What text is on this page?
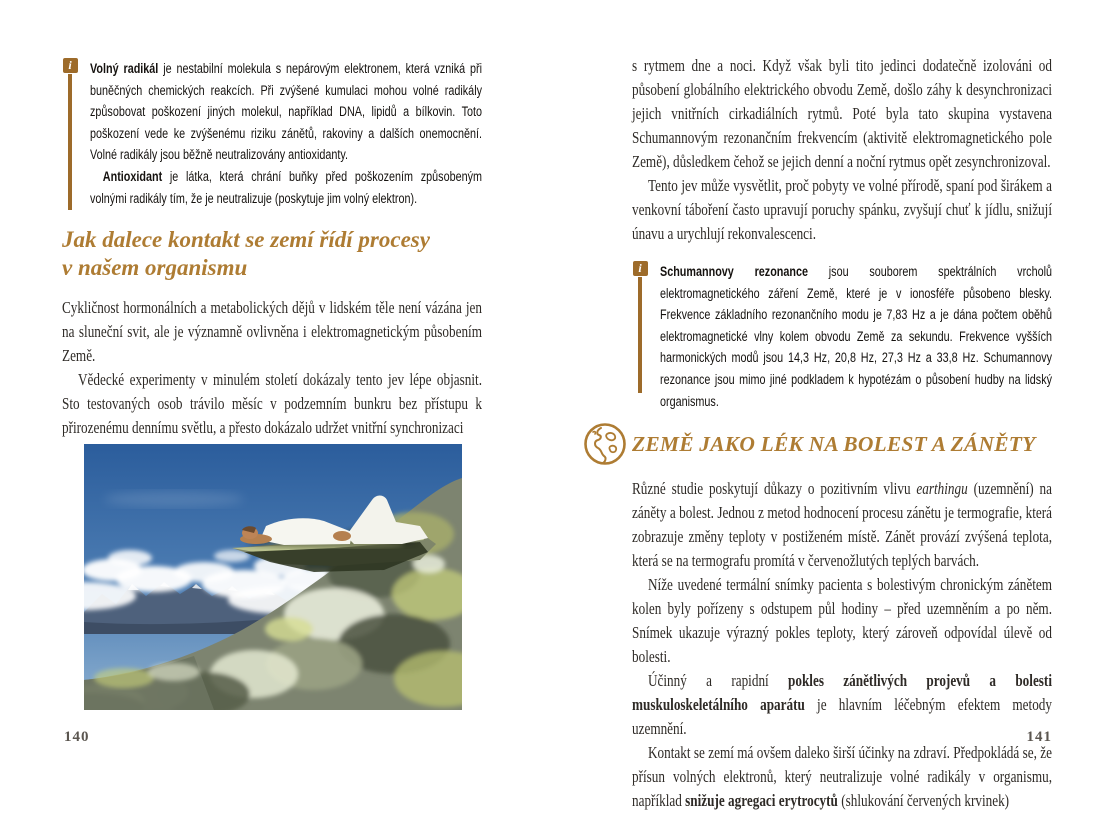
i	Volný radikál je nestabilní molekula s nepárovým elektronem, která vzniká při buněčných chemických reakcích. Při zvýšené kumulaci mohou volné radikály způsobovat poškození jiných molekul, například DNA, lipidů a bílkovin. Toto poškození vede ke zvýšenému riziku zánětů, rakoviny a dalších onemocnění. Volné radikály jsou běžně neutralizovány antioxidanty.

Antioxidant je látka, která chrání buňky před poškozením způsobeným volnými radikály tím, že je neutralizuje (poskytuje jim volný elektron).

Jak dalece kontakt se zemí řídí procesy v našem organismu

Cykličnost hormonálních a metabolických dějů v lidském těle není vázána jen na sluneční svit, ale je významně ovlivněna i elektromagnetickým působením Země.

Vědecké experimenty v minulém století dokázaly tento jev lépe objasnit. Sto testovaných osob trávilo měsíc v podzemním bunkru bez přístupu k přirozenému dennímu světlu, a přesto dokázalo udržet vnitřní synchronizaci

s rytmem dne a noci. Když však byli tito jedinci dodatečně izolováni od působení globálního elektrického obvodu Země, došlo záhy k desynchronizaci jejich vnitřních cirkadiálních rytmů. Poté byla tato skupina vystavena Schumannovým rezonančním frekvencím (aktivitě elektromagnetického pole Země), důsledkem čehož se jejich denní a noční rytmus opět zesynchronizoval.

Tento jev může vysvětlit, proč pobyty ve volné přírodě, spaní pod širákem a venkovní táboření často upravují poruchy spánku, zvyšují chuť k jídlu, snižují únavu a urychlují rekonvalescenci.

i	Schumannovy rezonance jsou souborem spektrálních vrcholů elektromagnetického záření Země, které je v ionosféře působeno blesky. Frekvence základního rezonančního modu je 7,83 Hz a je dána počtem oběhů elektromagnetické vlny kolem obvodu Země za sekundu. Frekvence vyšších harmonických modů jsou 14,3 Hz, 20,8 Hz, 27,3 Hz a 33,8 Hz. Schumannovy rezonance jsou mimo jiné podkladem k hypotézám o působení hudby na lidský organismus.

ZEMĚ JAKO LÉK NA BOLEST A ZÁNĚTY

Různé studie poskytují důkazy o pozitivním vlivu earthingu (uzemnění) na záněty a bolest. Jednou z metod hodnocení procesu zánětu je termografie, která zobrazuje změny teploty v postiženém místě. Zánět provází zvýšená teplota, která se na termografu promítá v červenožlutých teplých barvách.

Níže uvedené termální snímky pacienta s bolestivým chronickým zánětem kolen byly pořízeny s odstupem půl hodiny – před uzemněním a po něm. Snímek ukazuje výrazný pokles teploty, který zároveň odpovídal úlevě od bolesti.

Účinný a rapidní pokles zánětlivých projevů a bolesti muskuloskeletálního aparátu je hlavním léčebným efektem metody uzemnění.

Kontakt se zemí má ovšem daleko širší účinky na zdraví. Předpokládá se, že přísun volných elektronů, který neutralizuje volné radikály v organismu, například snižuje agregaci erytrocytů (shlukování červených krvinek)

140	141
